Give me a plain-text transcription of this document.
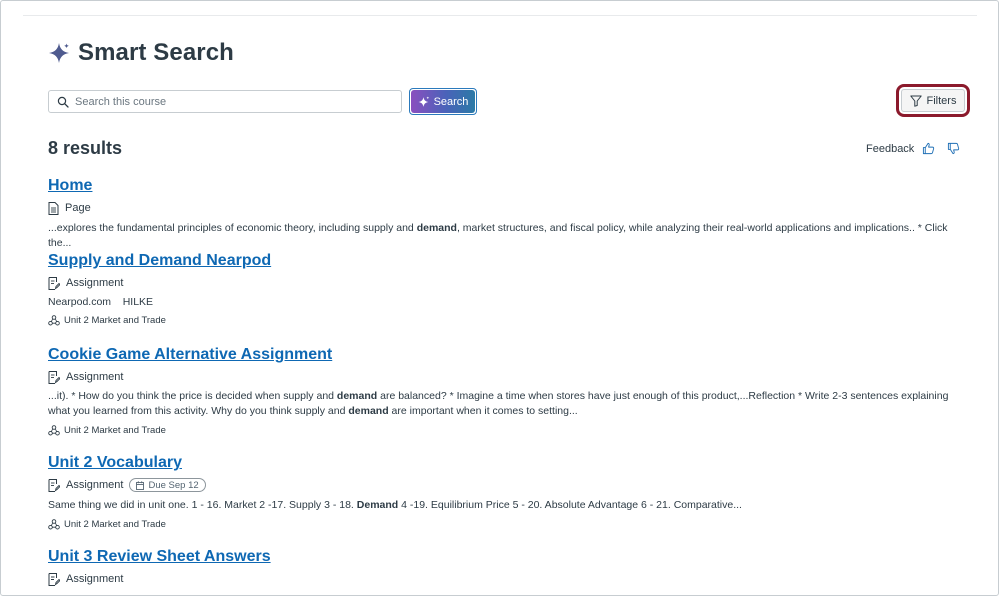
Smart Search
Search this course
Search	Filters
8 results	Feedback
Home
Page
...explores the fundamental principles of economic theory, including supply and demand, market structures, and fiscal policy, while analyzing their real-world applications and implications.. * Click the...
Supply and Demand Nearpod
Assignment
Nearpod.com    HILKE
Unit 2 Market and Trade
Cookie Game Alternative Assignment
Assignment
...it). * How do you think the price is decided when supply and demand are balanced? * Imagine a time when stores have just enough of this product,...Reflection * Write 2-3 sentences explaining what you learned from this activity. Why do you think supply and demand are important when it comes to setting...
Unit 2 Market and Trade
Unit 2 Vocabulary
Assignment	Due Sep 12
Same thing we did in unit one. 1 - 16. Market 2 -17. Supply 3 - 18. Demand 4 -19. Equilibrium Price 5 - 20. Absolute Advantage 6 - 21. Comparative...
Unit 2 Market and Trade
Unit 3 Review Sheet Answers
Assignment
